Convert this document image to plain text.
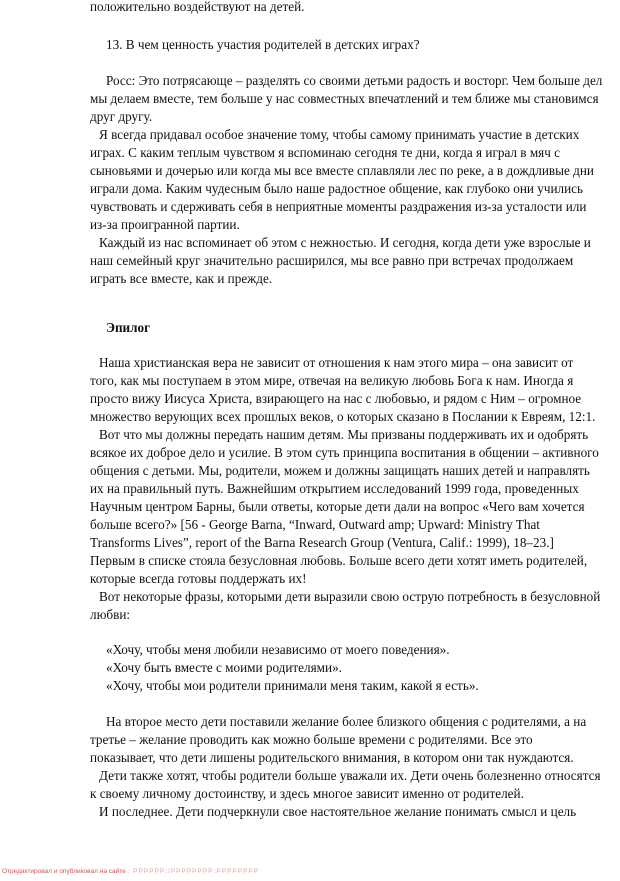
положительно воздействуют на детей.
13. В чем ценность участия родителей в детских играх?
Росс: Это потрясающе – разделять со своими детьми радость и восторг. Чем больше дел
мы делаем вместе, тем больше у нас совместных впечатлений и тем ближе мы становимся
друг другу.
Я всегда придавал особое значение тому, чтобы самому принимать участие в детских
играх. С каким теплым чувством я вспоминаю сегодня те дни, когда я играл в мяч с
сыновьями и дочерью или когда мы все вместе сплавляли лес по реке, а в дождливые дни
играли дома. Каким чудесным было наше радостное общение, как глубоко они учились
чувствовать и сдерживать себя в неприятные моменты раздражения из-за усталости или
из-за проигранной партии.
Каждый из нас вспоминает об этом с нежностью. И сегодня, когда дети уже взрослые и
наш семейный круг значительно расширился, мы все равно при встречах продолжаем
играть все вместе, как и прежде.
Эпилог
Наша христианская вера не зависит от отношения к нам этого мира – она зависит от
того, как мы поступаем в этом мире, отвечая на великую любовь Бога к нам. Иногда я
просто вижу Иисуса Христа, взирающего на нас с любовью, и рядом с Ним – огромное
множество верующих всех прошлых веков, о которых сказано в Послании к Евреям, 12:1.
Вот что мы должны передать нашим детям. Мы призваны поддерживать их и одобрять
всякое их доброе дело и усилие. В этом суть принципа воспитания в общении – активного
общения с детьми. Мы, родители, можем и должны защищать наших детей и направлять
их на правильный путь. Важнейшим открытием исследований 1999 года, проведенных
Научным центром Барны, были ответы, которые дети дали на вопрос «Чего вам хочется
больше всего?» [56 - George Barna, “Inward, Outward amp; Upward: Ministry That
Transforms Lives”, report of the Barna Research Group (Ventura, Calif.: 1999), 18–23.]
Первым в списке стояла безусловная любовь. Больше всего дети хотят иметь родителей,
которые всегда готовы поддержать их!
Вот некоторые фразы, которыми дети выразили свою острую потребность в безусловной
любви:
«Хочу, чтобы меня любили независимо от моего поведения».
«Хочу быть вместе с моими родителями».
«Хочу, чтобы мои родители принимали меня таким, какой я есть».
На второе место дети поставили желание более близкого общения с родителями, а на
третье – желание проводить как можно больше времени с родителями. Все это
показывает, что дети лишены родительского внимания, в котором они так нуждаются.
Дети также хотят, чтобы родители больше уважали их. Дети очень болезненно относятся
к своему личному достоинству, и здесь многое зависит именно от родителей.
И последнее. Дети подчеркнули свое настоятельное желание понимать смысл и цель
Отредактировал и опубликовал на сайте : PPPPPP:/PPPPPPPP:PPPPPPPP
